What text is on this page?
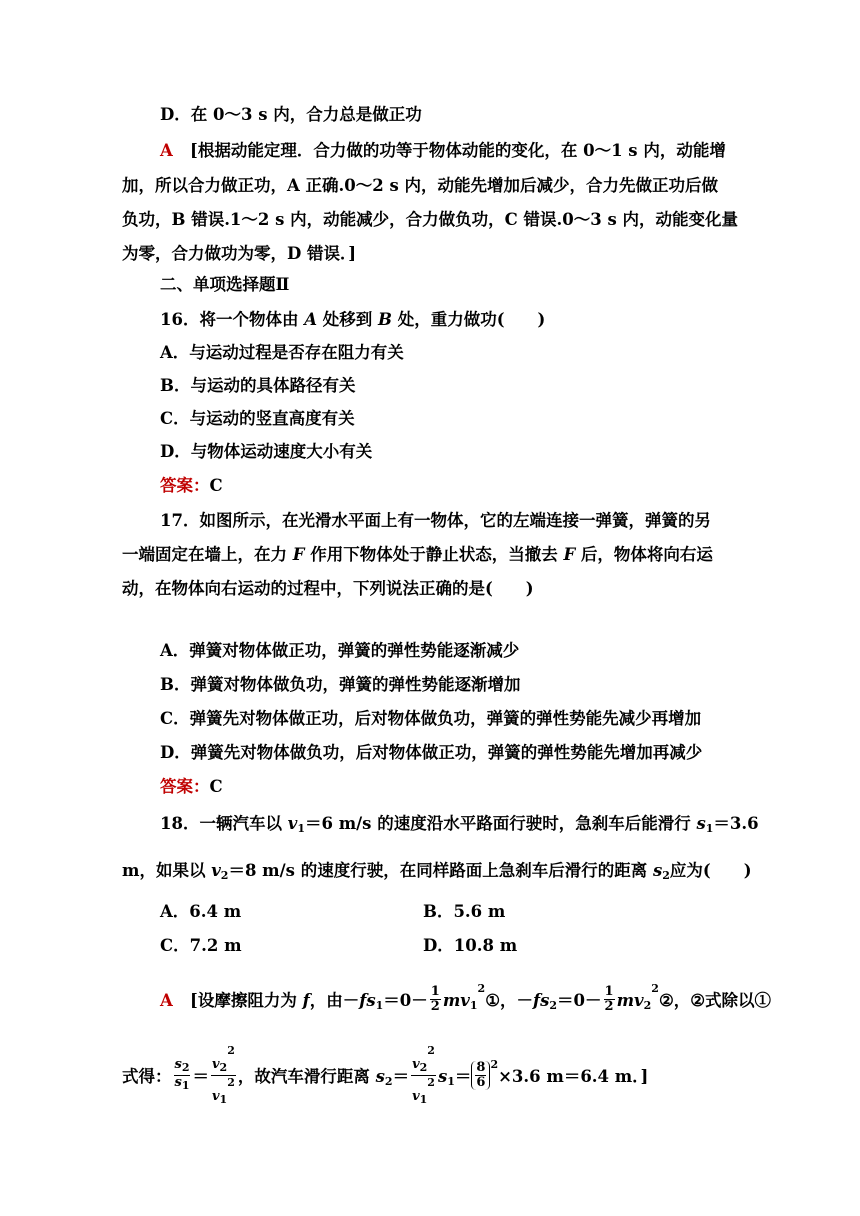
D．在 0～3 s 内，合力总是做正功
A [根据动能定理．合力做的功等于物体动能的变化，在 0～1 s 内，动能增
加，所以合力做正功，A 正确.0～2 s 内，动能先增加后减少，合力先做正功后做
负功，B 错误.1～2 s 内，动能减少，合力做负功，C 错误.0～3 s 内，动能变化量
为零，合力做功为零，D 错误．]
二、单项选择题Ⅱ
16．将一个物体由 A 处移到 B 处，重力做功(　　)
A．与运动过程是否存在阻力有关
B．与运动的具体路径有关
C．与运动的竖直高度有关
D．与物体运动速度大小有关
答案：C
17．如图所示，在光滑水平面上有一物体，它的左端连接一弹簧，弹簧的另
一端固定在墙上，在力 F 作用下物体处于静止状态，当撤去 F 后，物体将向右运
动，在物体向右运动的过程中，下列说法正确的是(　　)
A．弹簧对物体做正功，弹簧的弹性势能逐渐减少
B．弹簧对物体做负功，弹簧的弹性势能逐渐增加
C．弹簧先对物体做正功，后对物体做负功，弹簧的弹性势能先减少再增加
D．弹簧先对物体做负功，后对物体做正功，弹簧的弹性势能先增加再减少
答案：C
18．一辆汽车以 $v_1=6$ m/s 的速度沿水平路面行驶时，急刹车后能滑行 $s_1=3.6$
m，如果以 $v_2=8$ m/s 的速度行驶，在同样路面上急刹车后滑行的距离 $s_2$应为(　　)
A．6.4 m	B．5.6 m
C．7.2 m	D．10.8 m
A [设摩擦阻力为 f，由$-fs_1=0- \frac{1}{2}$ $mv_1^2①$，$-fs_2=0- \frac{1}{2}$ $mv_2^2②$，②式除以①
式得： $\frac{s_2}{s_1} = \frac{v_2^2}{v_1^2}$ ，故汽车滑行距离 $s_2= \frac{v_2^2}{v_1^2} s_1= \frac{8}{6} ^2\times 3.6$ m＝6.4 m．]
